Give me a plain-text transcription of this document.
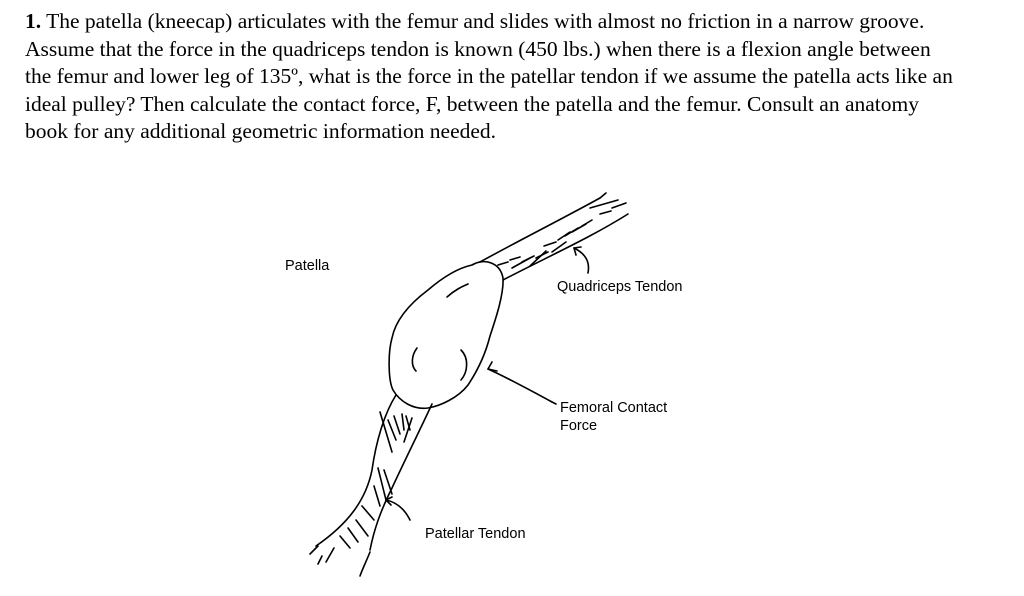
1. The patella (kneecap) articulates with the femur and slides with almost no friction in a narrow groove. Assume that the force in the quadriceps tendon is known (450 lbs.) when there is a flexion angle between the femur and lower leg of 135º, what is the force in the patellar tendon if we assume the patella acts like an ideal pulley? Then calculate the contact force, F, between the patella and the femur. Consult an anatomy book for any additional geometric information needed.

Patella
Quadriceps Tendon
Femoral Contact Force
Patellar Tendon
